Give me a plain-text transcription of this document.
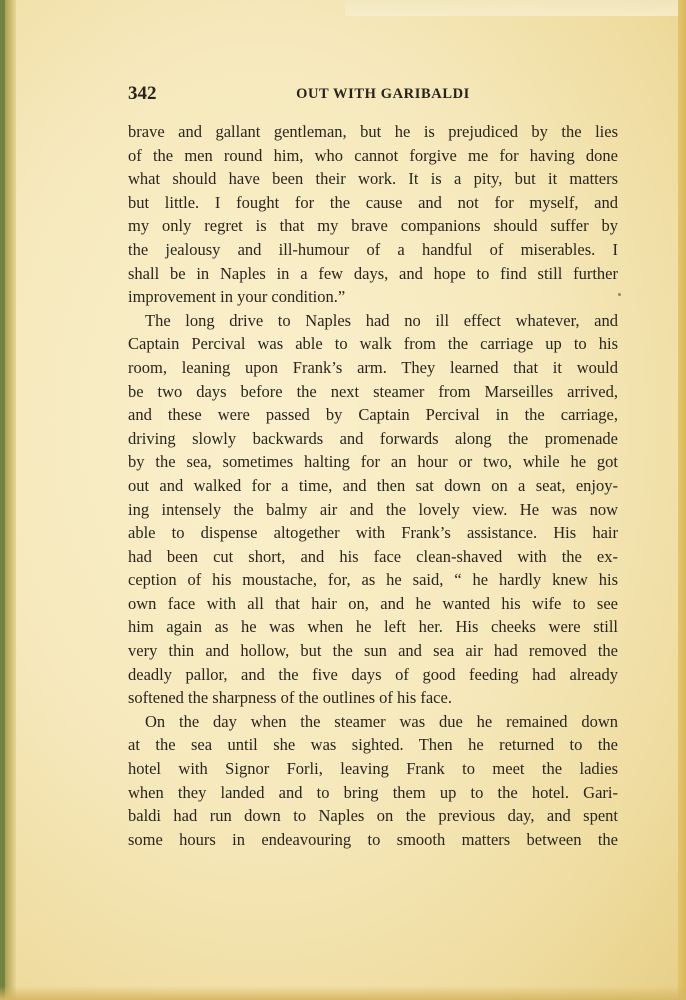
342	OUT WITH GARIBALDI
brave and gallant gentleman, but he is prejudiced by the lies
of the men round him, who cannot forgive me for having done
what should have been their work. It is a pity, but it matters
but little. I fought for the cause and not for myself, and
my only regret is that my brave companions should suffer by
the jealousy and ill-humour of a handful of miserables. I
shall be in Naples in a few days, and hope to find still further
improvement in your condition.”
The long drive to Naples had no ill effect whatever, and
Captain Percival was able to walk from the carriage up to his
room, leaning upon Frank’s arm. They learned that it would
be two days before the next steamer from Marseilles arrived,
and these were passed by Captain Percival in the carriage,
driving slowly backwards and forwards along the promenade
by the sea, sometimes halting for an hour or two, while he got
out and walked for a time, and then sat down on a seat, enjoy-
ing intensely the balmy air and the lovely view. He was now
able to dispense altogether with Frank’s assistance. His hair
had been cut short, and his face clean-shaved with the ex-
ception of his moustache, for, as he said, “ he hardly knew his
own face with all that hair on, and he wanted his wife to see
him again as he was when he left her. His cheeks were still
very thin and hollow, but the sun and sea air had removed the
deadly pallor, and the five days of good feeding had already
softened the sharpness of the outlines of his face.
On the day when the steamer was due he remained down
at the sea until she was sighted. Then he returned to the
hotel with Signor Forli, leaving Frank to meet the ladies
when they landed and to bring them up to the hotel. Gari-
baldi had run down to Naples on the previous day, and spent
some hours in endeavouring to smooth matters between the
